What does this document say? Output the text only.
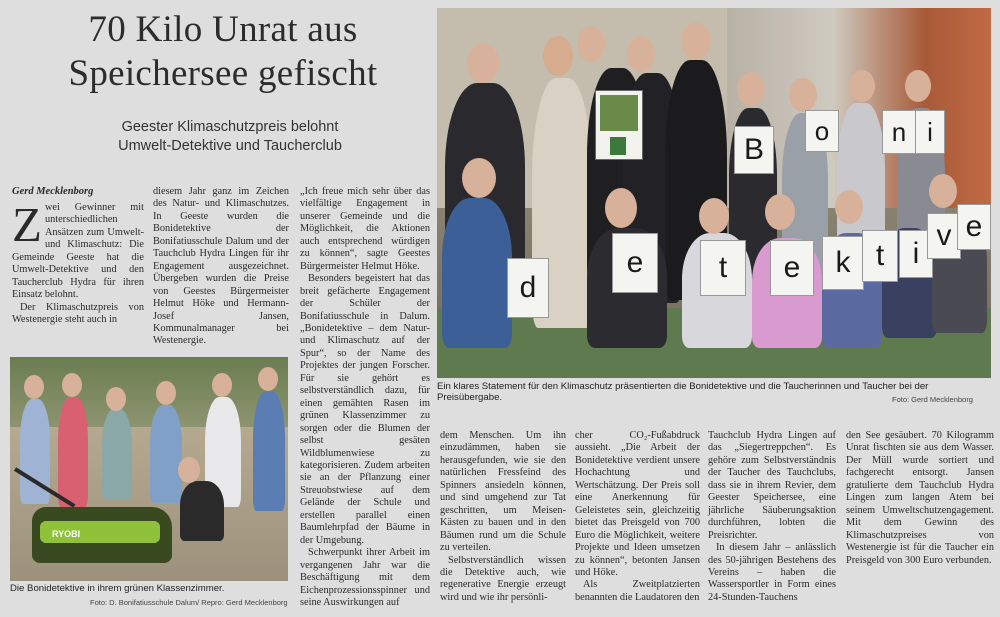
70 Kilo Unrat aus
Speichersee gefischt
Geester Klimaschutzpreis belohnt
Umwelt-Detektive und Taucherclub
Gerd Mecklenborg

Zwei Gewinner mit unterschiedlichen Ansätzen zum Umwelt- und Klimaschutz: Die Gemeinde Geeste hat die Umwelt-Detektive und den Taucherclub Hydra für ihren Einsatz belohnt.

Der Klimaschutzpreis von Westenergie steht auch in

diesem Jahr ganz im Zeichen des Natur- und Klimaschutzes. In Geeste wurden die Bonidetektive der Bonifatiusschule Dalum und der Tauchclub Hydra Lingen für ihr Engagement ausgezeichnet. Übergeben wurden die Preise von Geestes Bürgermeister Helmut Höke und Hermann-Josef Jansen, Kommunalmanager bei Westenergie.

„Ich freue mich sehr über das vielfältige Engagement in unserer Gemeinde und die Möglichkeit, die Aktionen auch entsprechend würdigen zu können“, sagte Geestes Bürgermeister Helmut Höke.

Besonders begeistert hat das breit gefächerte Engagement der Schüler der Bonifatiusschule in Dalum. „Bonidetektive – dem Natur- und Klimaschutz auf der Spur“, so der Name des Projektes der jungen Forscher. Für sie gehört es selbstverständlich dazu, für einen gemähten Rasen im grünen Klassenzimmer zu sorgen oder die Blumen der selbst gesäten Wildblumenwiese zu kategorisieren. Zudem arbeiten sie an der Pflanzung einer Streuobstwiese auf dem Gelände der Schule und erstellen parallel einen Baumlehrpfad der Bäume in der Umgebung.

Schwerpunkt ihrer Arbeit im vergangenen Jahr war die Beschäftigung mit dem Eichenprozessionsspinner und seine Auswirkungen auf

dem Menschen. Um ihn einzudämmen, haben sie herausgefunden, wie sie den natürlichen Fressfeind des Spinners ansiedeln können, und sind umgehend zur Tat geschritten, um Meisen-Kästen zu bauen und in den Bäumen rund um die Schule zu verteilen.

Selbstverständlich wissen die Detektive auch, wie regenerative Energie erzeugt wird und wie ihr persönli-

cher CO₂-Fußabdruck aussieht. „Die Arbeit der Bonidetektive verdient unsere Hochachtung und Wertschätzung. Der Preis soll eine Anerkennung für Geleistetes sein, gleichzeitig bietet das Preisgeld von 700 Euro die Möglichkeit, weitere Projekte und Ideen umsetzen zu können“, betonten Jansen und Höke.

Als Zweitplatzierten benannten die Laudatoren den

Tauchclub Hydra Lingen auf das „Siegertreppchen“. Es gehöre zum Selbstverständnis der Taucher des Tauchclubs, dass sie in ihrem Revier, dem Geester Speichersee, eine jährliche Säuberungsaktion durchführen, lobten die Preisrichter.

In diesem Jahr – anlässlich des 50-jährigen Bestehens des Vereins – haben die Wassersportler in Form eines 24-Stunden-Tauchens

den See gesäubert. 70 Kilogramm Unrat fischten sie aus dem Wasser. Der Müll wurde sortiert und fachgerecht entsorgt. Jansen gratulierte dem Tauchclub Hydra Lingen zum langen Atem bei seinem Umweltschutzengagement. Mit dem Gewinn des Klimaschutzpreises von Westenergie ist für die Taucher ein Preisgeld von 300 Euro verbunden.

B
o	n i
d
e	t	e	k t i
v e
Ein klares Statement für den Klimaschutz präsentierten die Bonidetektive und die Taucherinnen und Taucher bei der Preisübergabe.	Foto: Gerd Mecklenborg
RYOBI
Die Bonidetektive in ihrem grünen Klassenzimmer.
Foto: D. Bonifatiusschule Dalum/ Repro: Gerd Mecklenborg
